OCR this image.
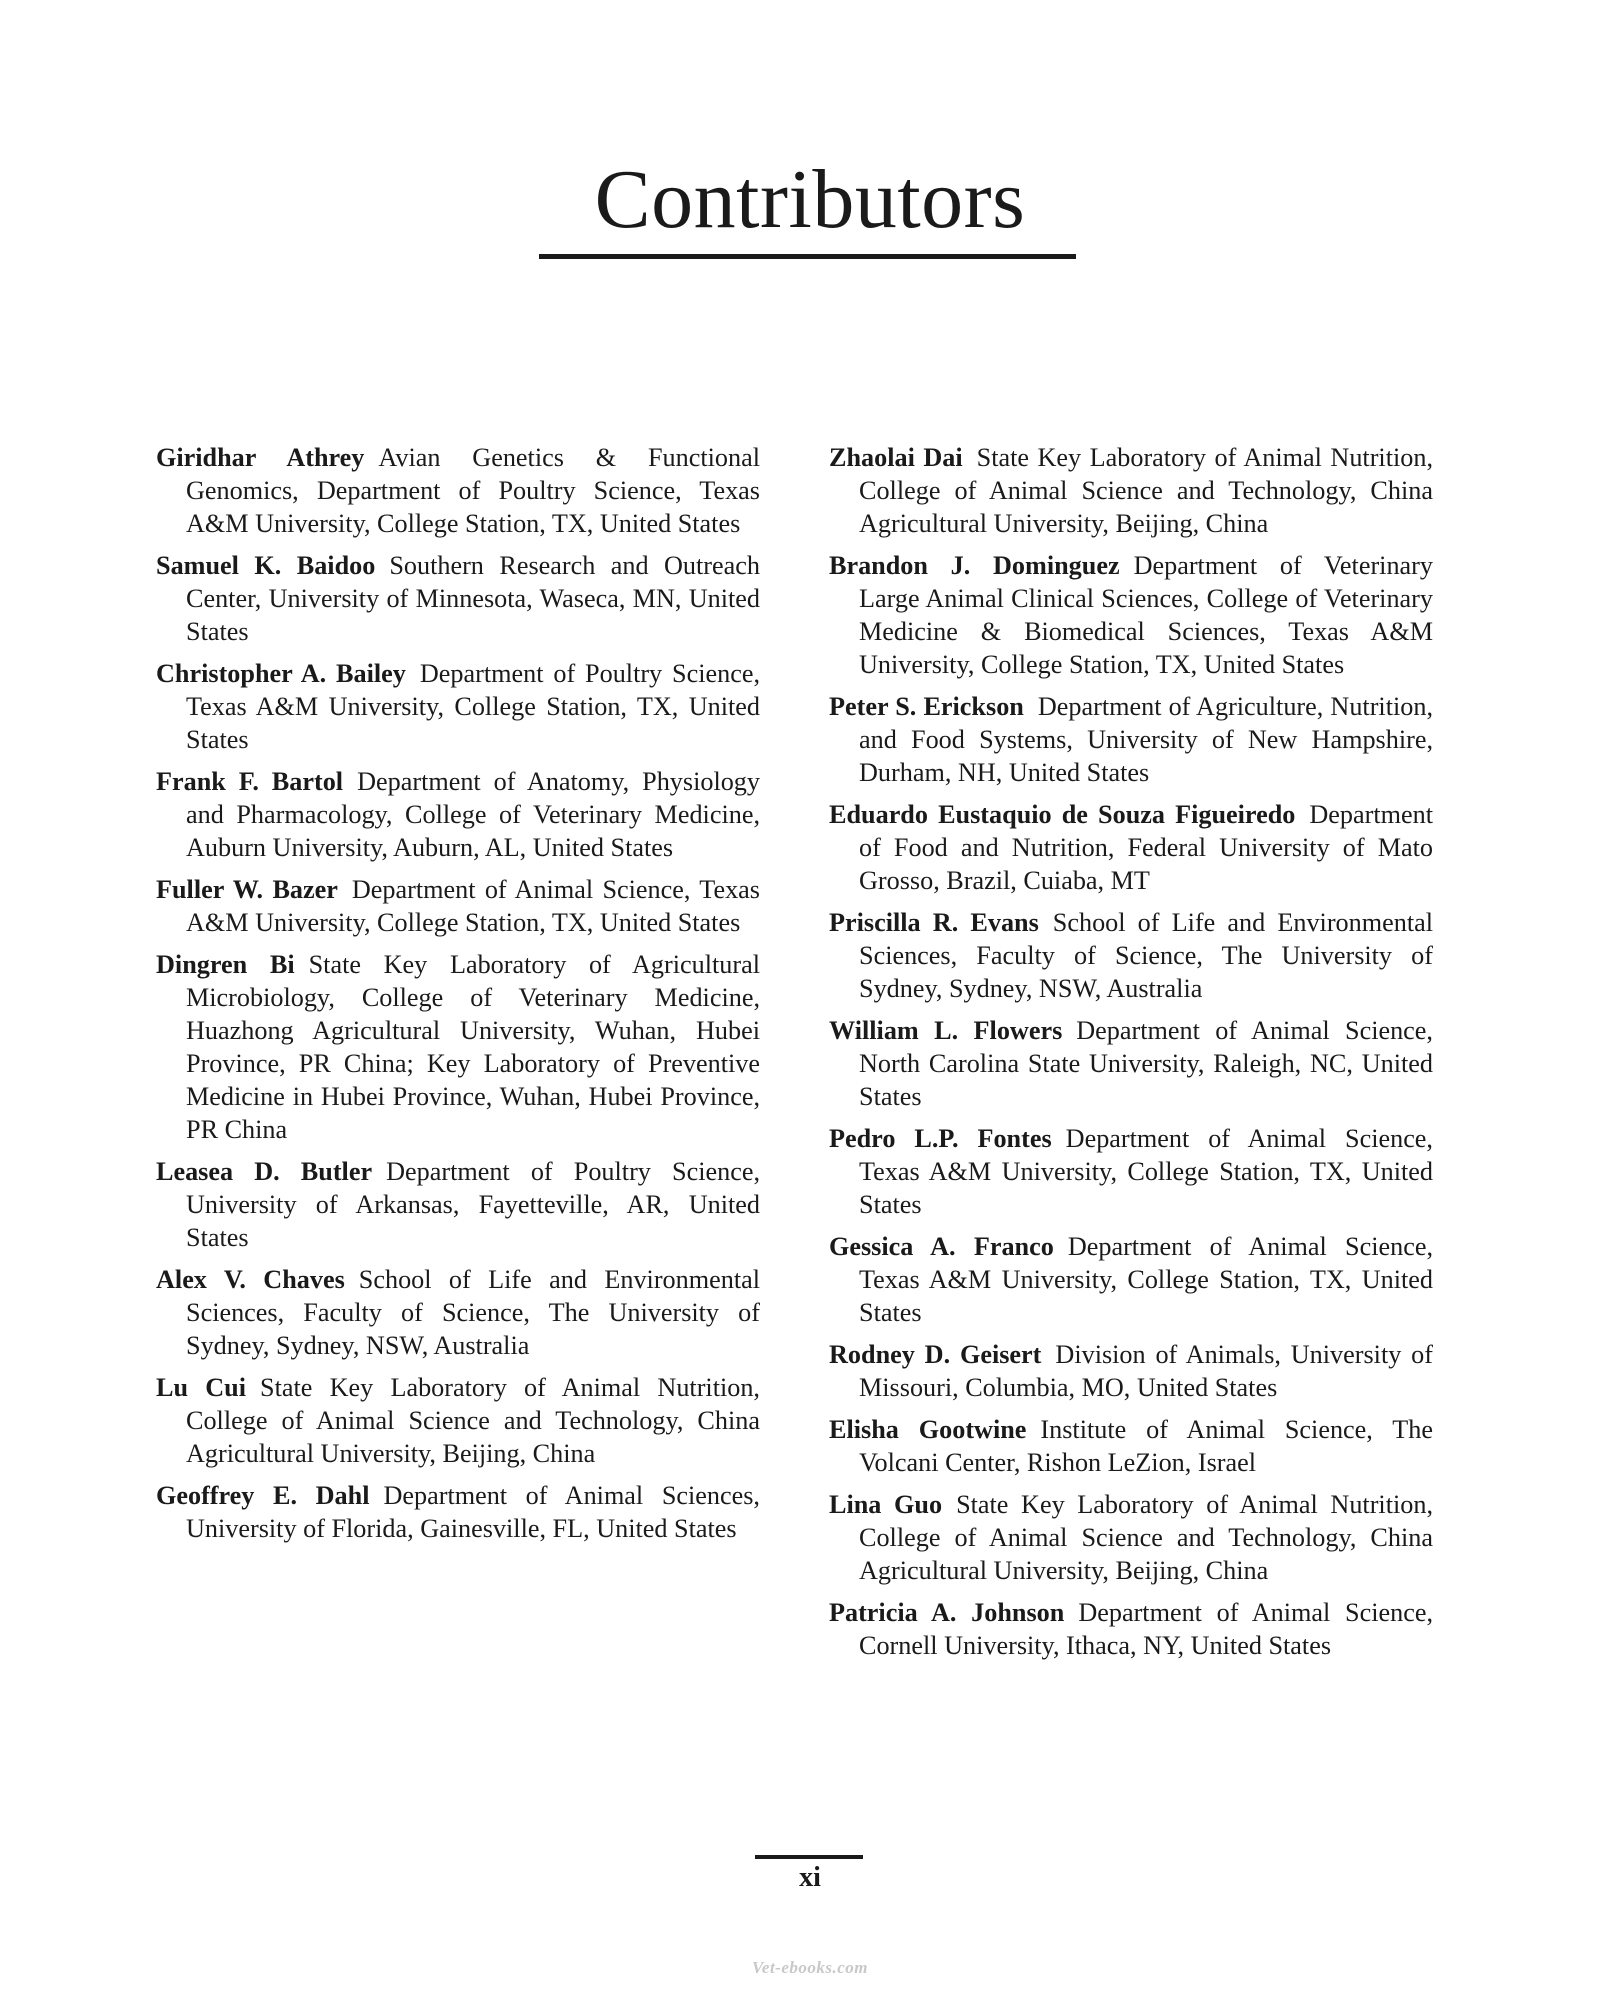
Contributors

Giridhar Athrey Avian Genetics & Functional Genomics, Department of Poultry Science, Texas A&M University, College Station, TX, United States

Samuel K. Baidoo Southern Research and Outreach Center, University of Minnesota, Waseca, MN, United States

Christopher A. Bailey Department of Poultry Science, Texas A&M University, College Station, TX, United States

Frank F. Bartol Department of Anatomy, Physiology and Pharmacology, College of Veterinary Medicine, Auburn University, Auburn, AL, United States

Fuller W. Bazer Department of Animal Science, Texas A&M University, College Station, TX, United States

Dingren Bi State Key Laboratory of Agricultural Microbiology, College of Veterinary Medicine, Huazhong Agricultural University, Wuhan, Hubei Province, PR China; Key Laboratory of Preventive Medicine in Hubei Province, Wuhan, Hubei Province, PR China

Leasea D. Butler Department of Poultry Science, University of Arkansas, Fayetteville, AR, United States

Alex V. Chaves School of Life and Environmental Sciences, Faculty of Science, The University of Sydney, Sydney, NSW, Australia

Lu Cui State Key Laboratory of Animal Nutrition, College of Animal Science and Technology, China Agricultural University, Beijing, China

Geoffrey E. Dahl Department of Animal Sciences, University of Florida, Gainesville, FL, United States

Zhaolai Dai State Key Laboratory of Animal Nutrition, College of Animal Science and Technology, China Agricultural University, Beijing, China

Brandon J. Dominguez Department of Veterinary Large Animal Clinical Sciences, College of Veterinary Medicine & Biomedical Sciences, Texas A&M University, College Station, TX, United States

Peter S. Erickson Department of Agriculture, Nutrition, and Food Systems, University of New Hampshire, Durham, NH, United States

Eduardo Eustaquio de Souza Figueiredo Department of Food and Nutrition, Federal University of Mato Grosso, Brazil, Cuiaba, MT

Priscilla R. Evans School of Life and Environmental Sciences, Faculty of Science, The University of Sydney, Sydney, NSW, Australia

William L. Flowers Department of Animal Science, North Carolina State University, Raleigh, NC, United States

Pedro L.P. Fontes Department of Animal Science, Texas A&M University, College Station, TX, United States

Gessica A. Franco Department of Animal Science, Texas A&M University, College Station, TX, United States

Rodney D. Geisert Division of Animals, University of Missouri, Columbia, MO, United States

Elisha Gootwine Institute of Animal Science, The Volcani Center, Rishon LeZion, Israel

Lina Guo State Key Laboratory of Animal Nutrition, College of Animal Science and Technology, China Agricultural University, Beijing, China

Patricia A. Johnson Department of Animal Science, Cornell University, Ithaca, NY, United States

xi
Vet-ebooks.com
